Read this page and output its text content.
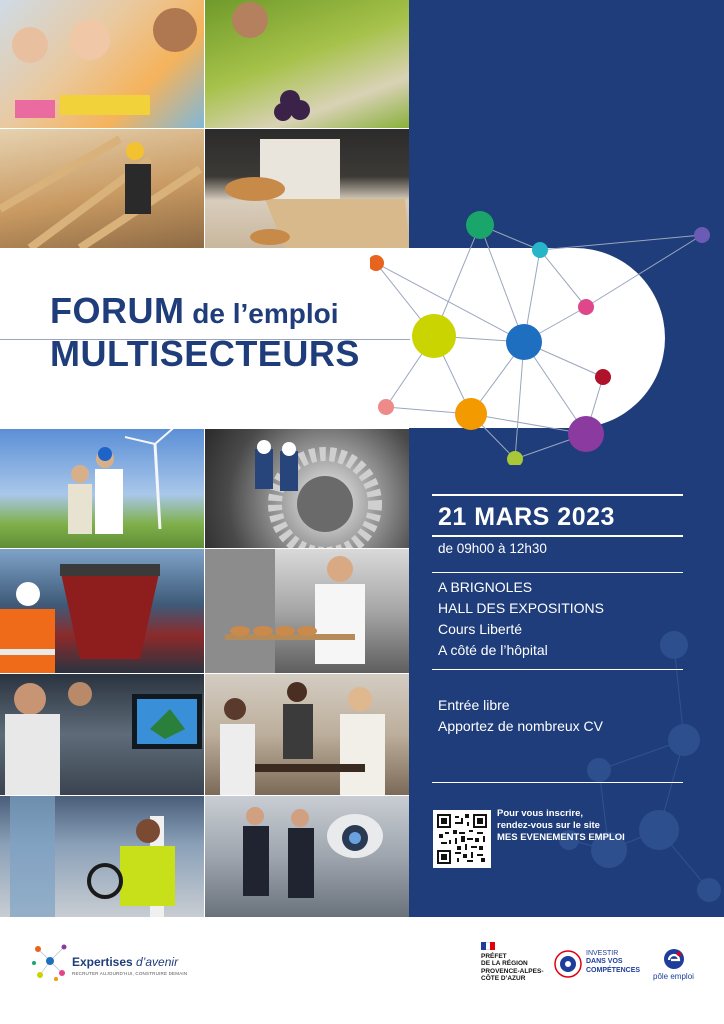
FORUM de l’emploi
MULTISECTEURS
21 MARS 2023
de 09h00 à 12h30
A BRIGNOLES
HALL DES EXPOSITIONS
Cours Liberté
A côté de l’hôpital
Entrée libre
Apportez de nombreux CV
Pour vous inscrire,
rendez-vous sur le site
MES EVENEMENTS EMPLOI
Expertises d’avenir
RECRUTER AUJOURD’HUI, CONSTRUIRE DEMAIN
PRÉFET
DE LA RÉGION
PROVENCE-ALPES-
CÔTE D’AZUR
INVESTIR
DANS VOS
COMPÉTENCES
pôle emploi
